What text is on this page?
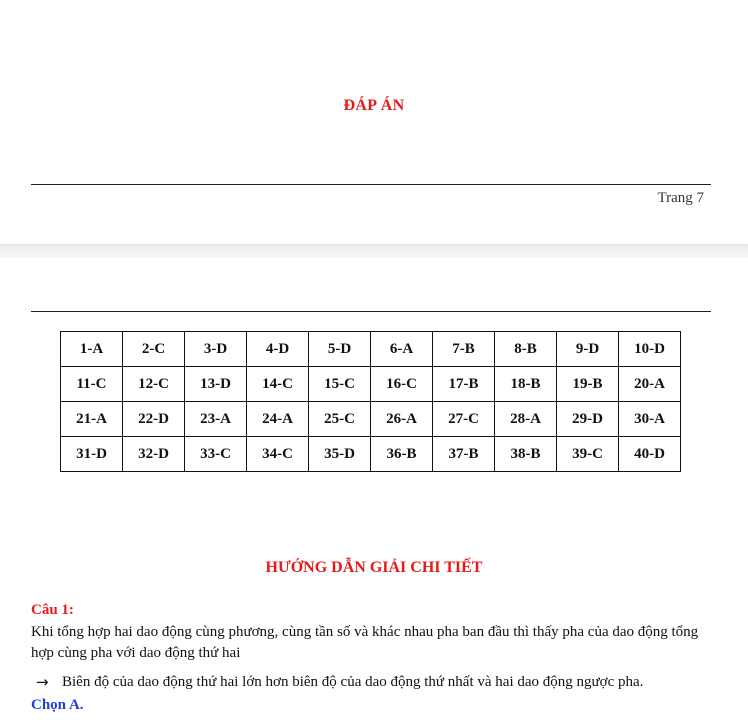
ĐÁP ÁN
Trang 7
1-A	2-C	3-D	4-D	5-D	6-A	7-B	8-B	9-D	10-D
11-C	12-C	13-D	14-C	15-C	16-C	17-B	18-B	19-B	20-A
21-A	22-D	23-A	24-A	25-C	26-A	27-C	28-A	29-D	30-A
31-D	32-D	33-C	34-C	35-D	36-B	37-B	38-B	39-C	40-D
HƯỚNG DẪN GIẢI CHI TIẾT
Câu 1:

Khi tổng hợp hai dao động cùng phương, cùng tần số và khác nhau pha ban đầu thì thấy pha của dao động tổng hợp cùng pha với dao động thứ hai

→ Biên độ của dao động thứ hai lớn hơn biên độ của dao động thứ nhất và hai dao động ngược pha.
Chọn A.
